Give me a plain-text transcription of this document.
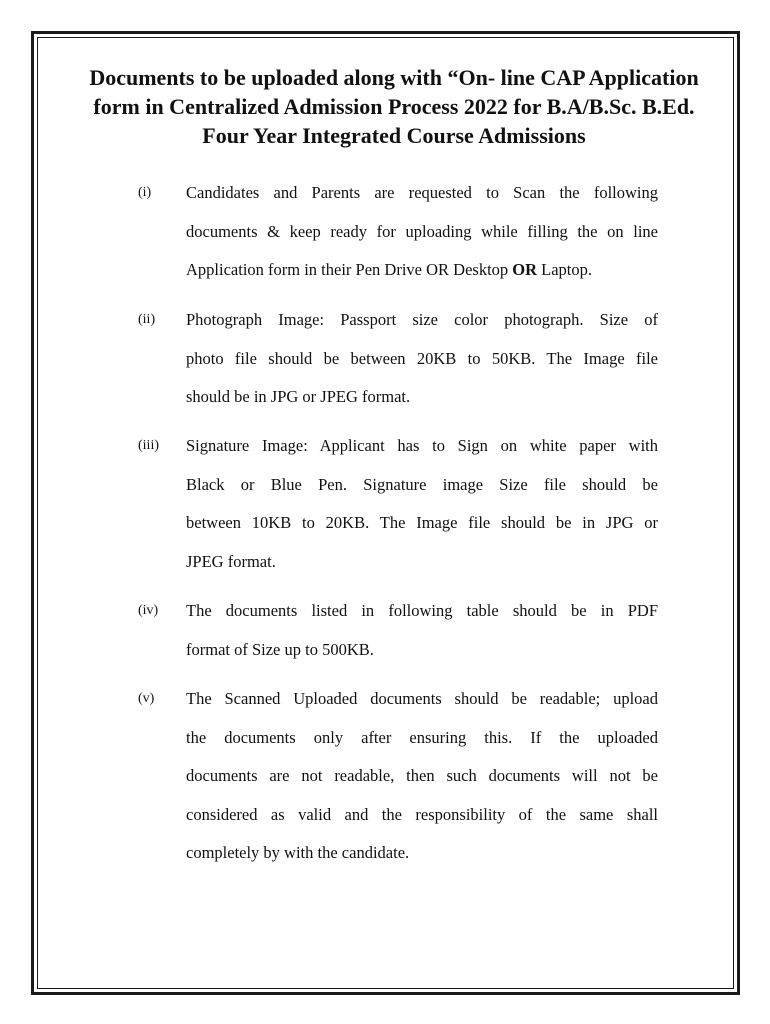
Documents to be uploaded along with “On- line CAP Application
form in Centralized Admission Process 2022 for B.A/B.Sc. B.Ed.
Four Year Integrated Course Admissions
(i) Candidates and Parents are requested to Scan the following
documents & keep ready for uploading while filling the on line
Application form in their Pen Drive OR Desktop OR Laptop.

(ii) Photograph Image: Passport size color photograph. Size of
photo file should be between 20KB to 50KB. The Image file
should be in JPG or JPEG format.

(iii) Signature Image: Applicant has to Sign on white paper with
Black or Blue Pen. Signature image Size file should be
between 10KB to 20KB. The Image file should be in JPG or
JPEG format.

(iv) The documents listed in following table should be in PDF
format of Size up to 500KB.

(v) The Scanned Uploaded documents should be readable; upload
the documents only after ensuring this. If the uploaded
documents are not readable, then such documents will not be
considered as valid and the responsibility of the same shall
completely by with the candidate.
